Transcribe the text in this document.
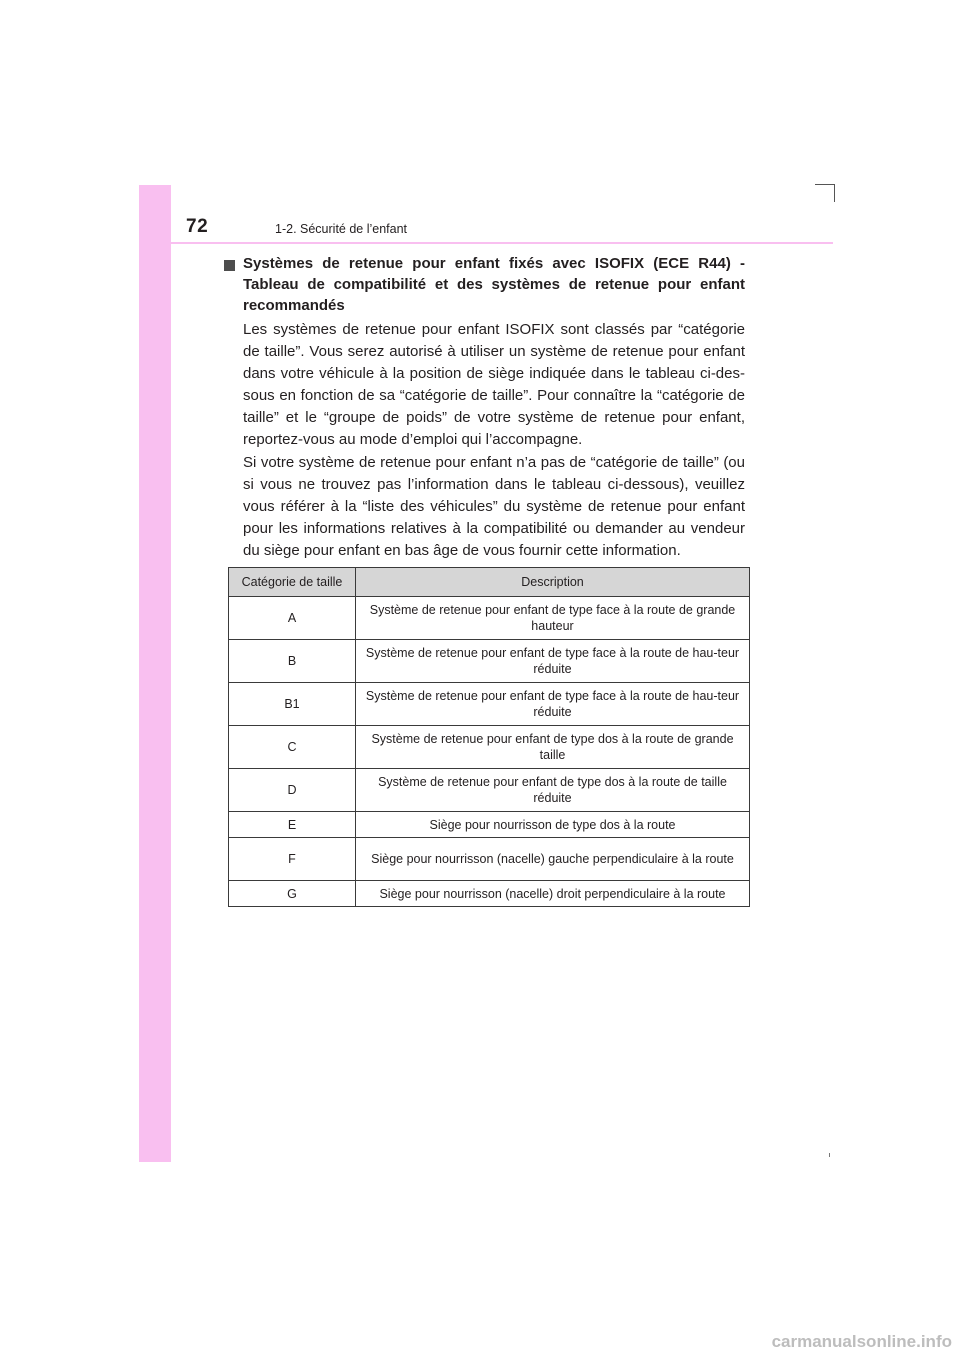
72	1-2. Sécurité de l’enfant
Systèmes de retenue pour enfant fixés avec ISOFIX (ECE R44) - Tableau de compatibilité et des systèmes de retenue pour enfant recommandés

Les systèmes de retenue pour enfant ISOFIX sont classés par “catégorie de taille”. Vous serez autorisé à utiliser un système de retenue pour enfant dans votre véhicule à la position de siège indiquée dans le tableau ci-des-sous en fonction de sa “catégorie de taille”. Pour connaître la “catégorie de taille” et le “groupe de poids” de votre système de retenue pour enfant, reportez-vous au mode d’emploi qui l’accompagne.

Si votre système de retenue pour enfant n’a pas de “catégorie de taille” (ou si vous ne trouvez pas l’information dans le tableau ci-dessous), veuillez vous référer à la “liste des véhicules” du système de retenue pour enfant pour les informations relatives à la compatibilité ou demander au vendeur du siège pour enfant en bas âge de vous fournir cette information.

Catégorie de taille	Description
A	Système de retenue pour enfant de type face à la route de grande hauteur
B	Système de retenue pour enfant de type face à la route de hau-teur réduite
B1	Système de retenue pour enfant de type face à la route de hau-teur réduite
C	Système de retenue pour enfant de type dos à la route de grande taille
D	Système de retenue pour enfant de type dos à la route de taille réduite
E	Siège pour nourrisson de type dos à la route
F	Siège pour nourrisson (nacelle) gauche perpendiculaire à la route
G	Siège pour nourrisson (nacelle) droit perpendiculaire à la route
carmanualsonline.info
